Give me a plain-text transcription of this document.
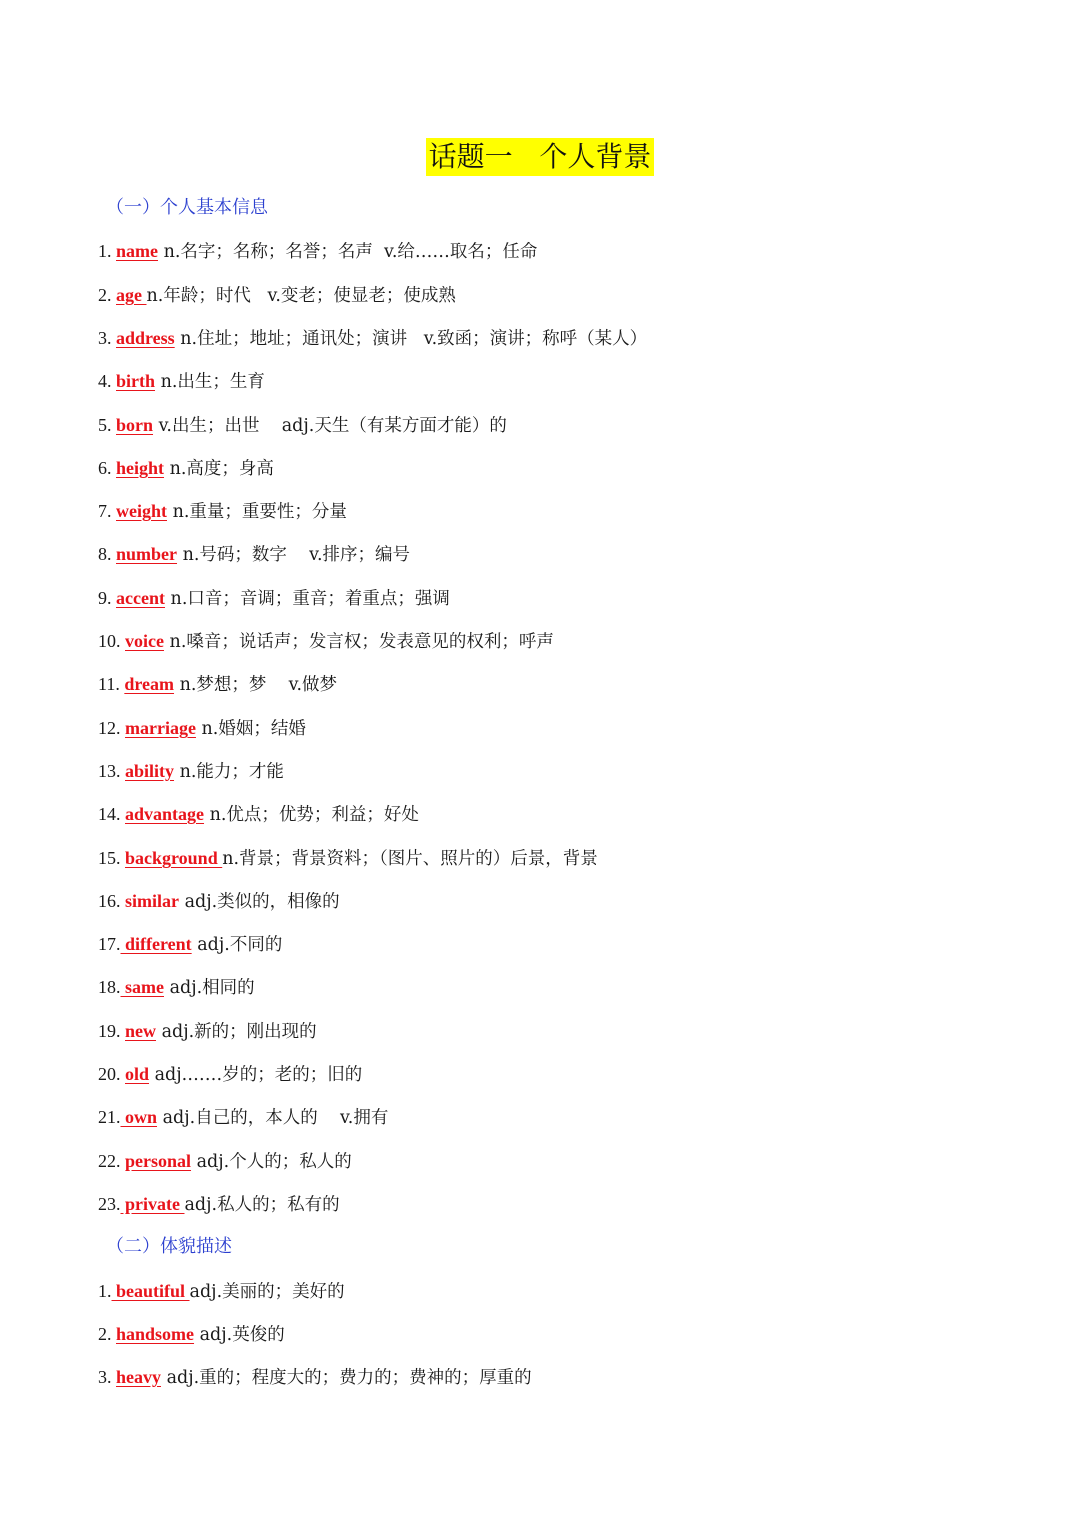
话题一   个人背景
（一）个人基本信息
1. name n.名字；名称；名誉；名声  v.给……取名；任命
2. age n.年龄；时代   v.变老；使显老；使成熟
3. address n.住址；地址；通讯处；演讲   v.致函；演讲；称呼（某人）
4. birth n.出生；生育
5. born v.出生；出世    adj.天生（有某方面才能）的
6. height n.高度；身高
7. weight n.重量；重要性；分量
8. number n.号码；数字    v.排序；编号
9. accent n.口音；音调；重音；着重点；强调
10. voice n.嗓音；说话声；发言权；发表意见的权利；呼声
11. dream n.梦想；梦    v.做梦
12. marriage n.婚姻；结婚
13. ability n.能力；才能
14. advantage n.优点；优势；利益；好处
15. background n.背景；背景资料；（图片、照片的）后景，背景
16. similar adj.类似的，相像的
17. different adj.不同的
18. same adj.相同的
19. new adj.新的；刚出现的
20. old adj.……岁的；老的；旧的
21. own adj.自己的，本人的    v.拥有
22. personal adj.个人的；私人的
23. private adj.私人的；私有的
（二）体貌描述
1. beautiful adj.美丽的；美好的
2. handsome adj.英俊的
3. heavy adj.重的；程度大的；费力的；费神的；厚重的
